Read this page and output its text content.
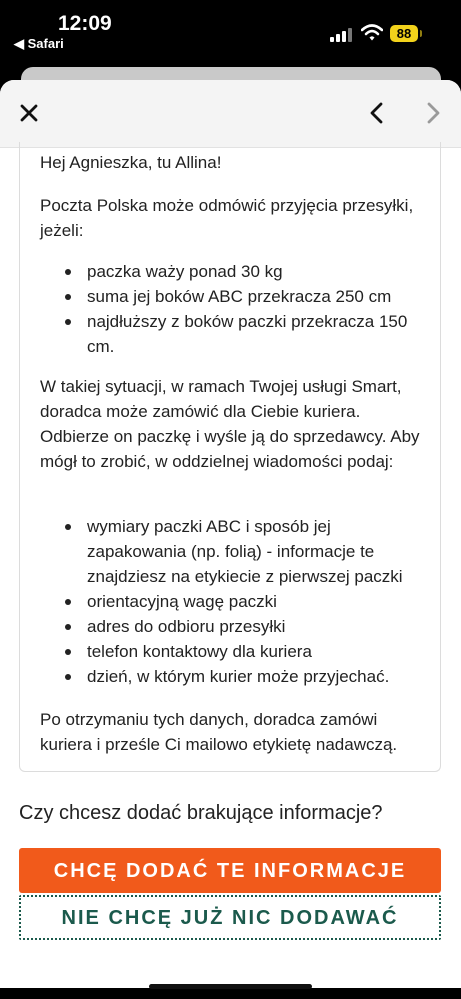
12:09
◀ Safari
88

Hej Agnieszka, tu Allina!

Poczta Polska może odmówić przyjęcia przesyłki, jeżeli:

paczka waży ponad 30 kg
suma jej boków ABC przekracza 250 cm
najdłuższy z boków paczki przekracza 150 cm.

W takiej sytuacji, w ramach Twojej usługi Smart, doradca może zamówić dla Ciebie kuriera. Odbierze on paczkę i wyśle ją do sprzedawcy. Aby mógł to zrobić, w oddzielnej wiadomości podaj:

wymiary paczki ABC i sposób jej zapakowania (np. folią) - informacje te znajdziesz na etykiecie z pierwszej paczki
orientacyjną wagę paczki
adres do odbioru przesyłki
telefon kontaktowy dla kuriera
dzień, w którym kurier może przyjechać.

Po otrzymaniu tych danych, doradca zamówi kuriera i prześle Ci mailowo etykietę nadawczą.

Czy chcesz dodać brakujące informacje?
CHCĘ DODAĆ TE INFORMACJE
NIE CHCĘ JUŻ NIC DODAWAĆ
